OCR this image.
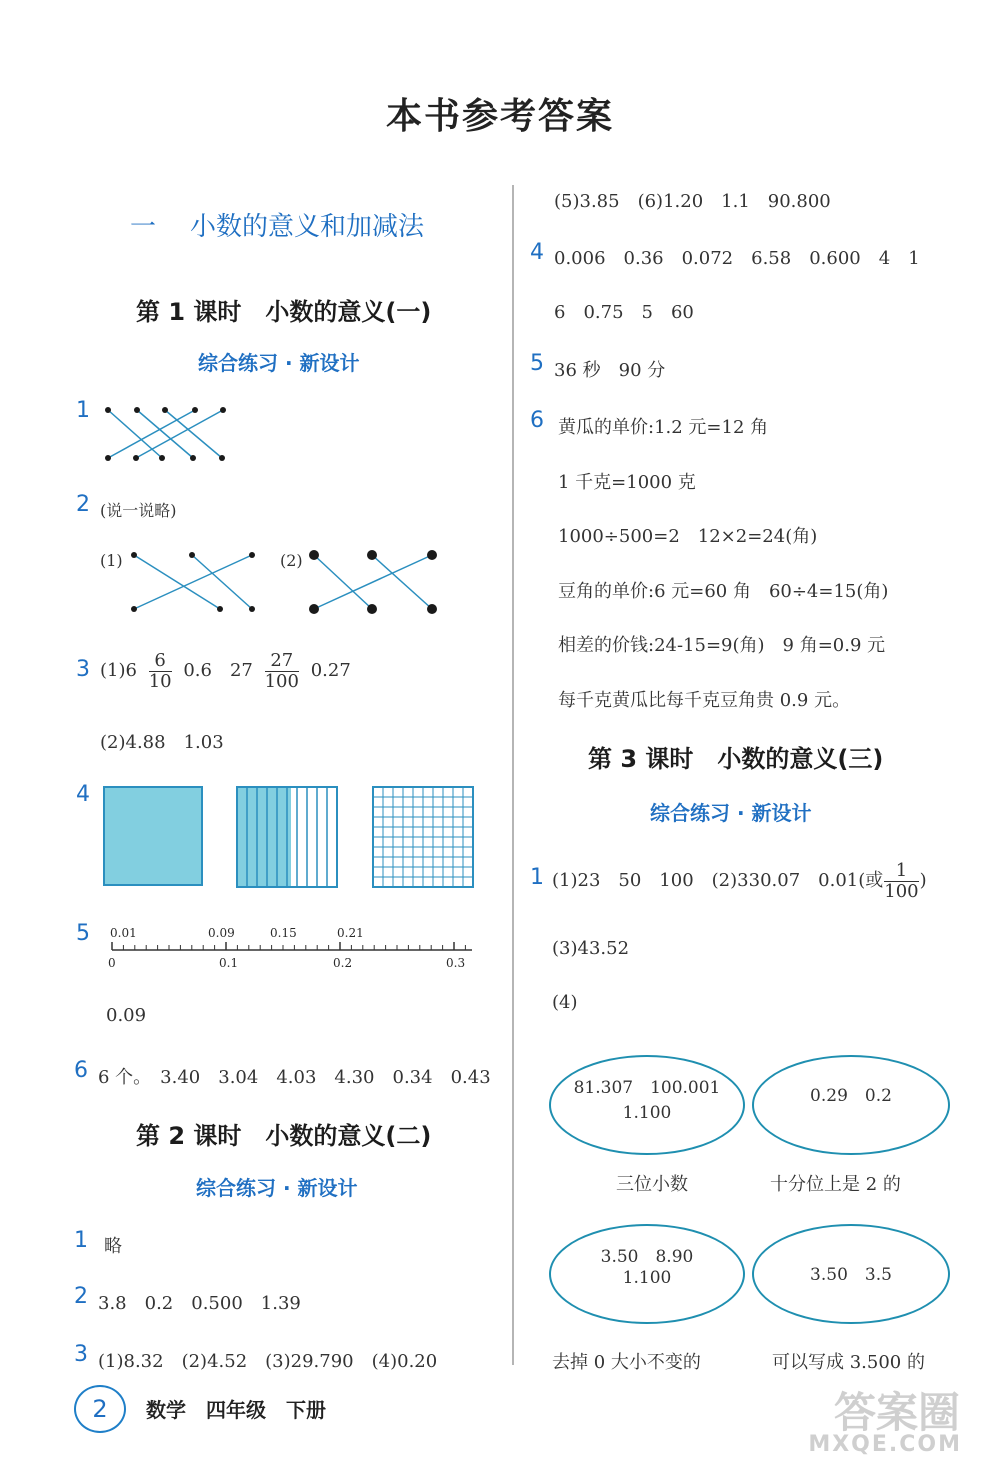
本书参考答案
一 小数的意义和加减法
第 1 课时　小数的意义(一)
综合练习 · 新设计
1
2 (说一说略)
(1)	(2)
3 $(1)6 \frac{6}{10} 0.6$　$27 \frac{27}{100} 0.27$
(2)4.88　1.03
4
5 0.01	0.09	0.15	0.21
0	0.1	0.2	0.3
0.09
6 6 个。　3.40　3.04　4.03　4.30　0.34　0.43
第 2 课时　小数的意义(二)
综合练习 · 新设计
1 略
2 3.8　0.2　0.500　1.39
3 (1)8.32　(2)4.52　(3)29.790　(4)0.20
(5)3.85　(6)1.20　1.1　90.800
4 0.006　0.36　0.072　6.58　0.600　4　1
6　0.75　5　60
5 36 秒　90 分
6 黄瓜的单价:1.2 元=12 角
1 千克=1000 克
1000÷500=2　12×2=24(角)
豆角的单价:6 元=60 角　60÷4=15(角)
相差的价钱:24-15=9(角)　9 角=0.9 元
每千克黄瓜比每千克豆角贵 0.9 元。
第 3 课时　小数的意义(三)
综合练习 · 新设计
1 (1)23　50　100　(2)330.07　0.01(或 $\frac{1}{100}$ )
(3)43.52
(4)
81.307　100.001
1.100
0.29　0.2
三位小数	十分位上是 2 的
3.50　8.90
1.100	3.50　3.5
去掉 0 大小不变的	可以写成 3.500 的
2	数学　四年级　下册	答案圈
MXQE.COM
